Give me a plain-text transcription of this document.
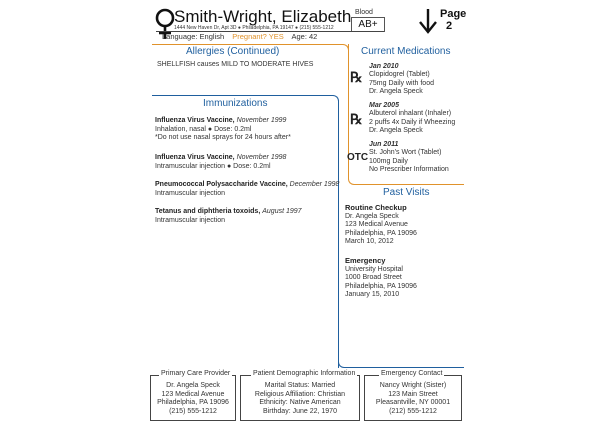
Smith-Wright, Elizabeth
1444 New Haven Dr, Apt 3D ● Philadelphia, PA 19147 ● (215) 555-1212
Blood
AB+
Language: English Pregnant? YES Age: 42
Page
2
Allergies (Continued)
SHELLFISH causes MILD TO MODERATE HIVES
Current Medications
℞
Jan 2010
Clopidogrel (Tablet)
75mg Daily with food
Dr. Angela Speck
℞
Mar 2005
Albuterol inhalant (Inhaler)
2 puffs 4x Daily if Wheezing
Dr. Angela Speck
OTC
Jun 2011
St. John's Wort (Tablet)
100mg Daily
No Prescriber Information
Immunizations
Influenza Virus Vaccine, November 1999
Inhalation, nasal ● Dose: 0.2ml
*Do not use nasal sprays for 24 hours after*
Influenza Virus Vaccine, November 1998
Intramuscular injection ● Dose: 0.2ml
Pneumococcal Polysaccharide Vaccine, December 1998
Intramuscular injection
Tetanus and diphtheria toxoids, August 1997
Intramuscular injection
Past Visits
Routine Checkup
Dr. Angela Speck
123 Medical Avenue
Philadelphia, PA 19096
March 10, 2012
Emergency
University Hospital
1000 Broad Street
Philadelphia, PA 19096
January 15, 2010
Primary Care Provider
Dr. Angela Speck
123 Medical Avenue
Philadelphia, PA 19096
(215) 555-1212
Patient Demographic Information
Marital Status: Married
Religious Affiliation: Christian
Ethnicity: Native American
Birthday: June 22, 1970
Emergency Contact
Nancy Wright (Sister)
123 Main Street
Pleasantville, NY 00001
(212) 555-1212
